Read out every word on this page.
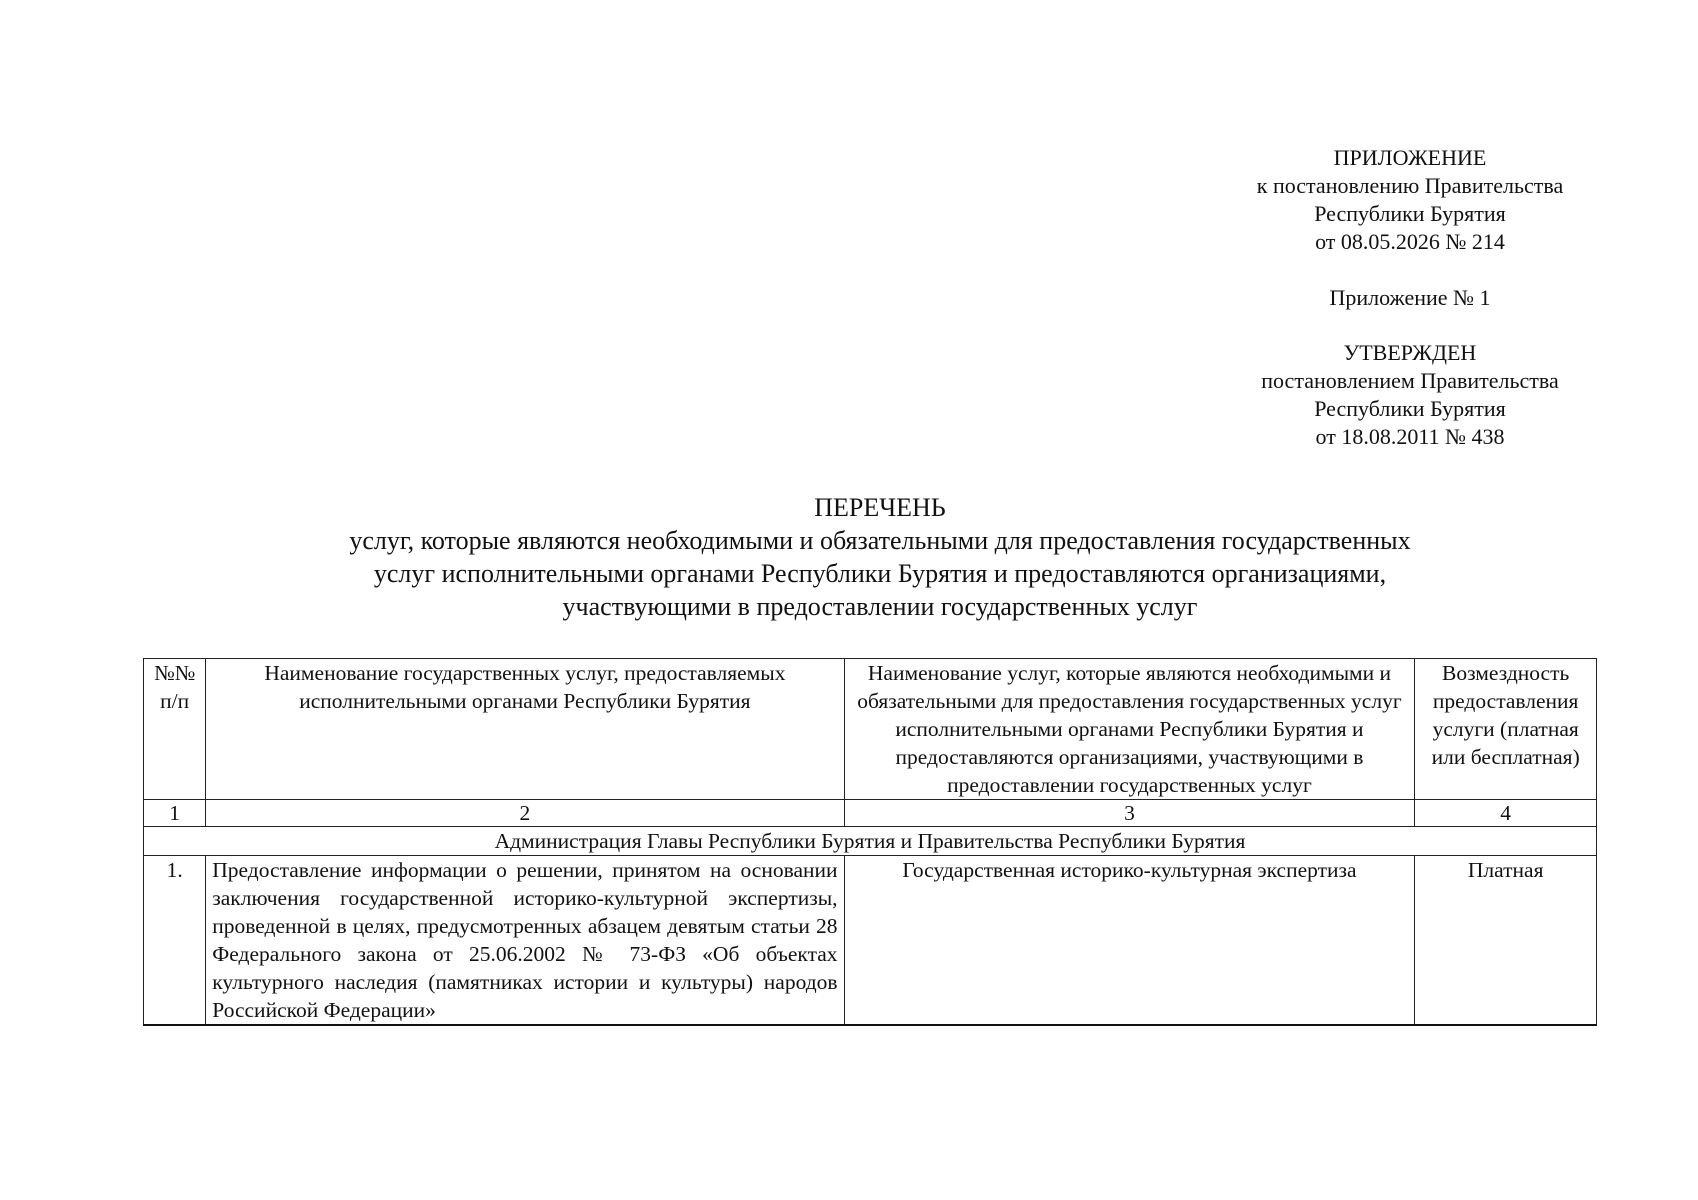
ПРИЛОЖЕНИЕ
к постановлению Правительства
Республики Бурятия
от 08.05.2026 № 214
Приложение № 1
УТВЕРЖДЕН
постановлением Правительства
Республики Бурятия
от 18.08.2011 № 438
ПЕРЕЧЕНЬ
услуг, которые являются необходимыми и обязательными для предоставления государственных
услуг исполнительными органами Республики Бурятия и предоставляются организациями,
участвующими в предоставлении государственных услуг
№№ п/п	Наименование государственных услуг, предоставляемых исполнительными органами Республики Бурятия	Наименование услуг, которые являются необходимыми и обязательными для предоставления государственных услуг исполнительными органами Республики Бурятия и предоставляются организациями, участвующими в предоставлении государственных услуг	Возмездность предоставления услуги (платная или бесплатная)
1	2	3	4
Администрация Главы Республики Бурятия и Правительства Республики Бурятия			
1.	Предоставление информации о решении, принятом на основании заключения государственной историко-культурной экспертизы, проведенной в целях, предусмотренных абзацем девятым статьи 28 Федерального закона от 25.06.2002 № 73-ФЗ «Об объектах культурного наследия (памятниках истории и культуры) народов Российской Федерации»	Государственная историко-культурная экспертиза	Платная
